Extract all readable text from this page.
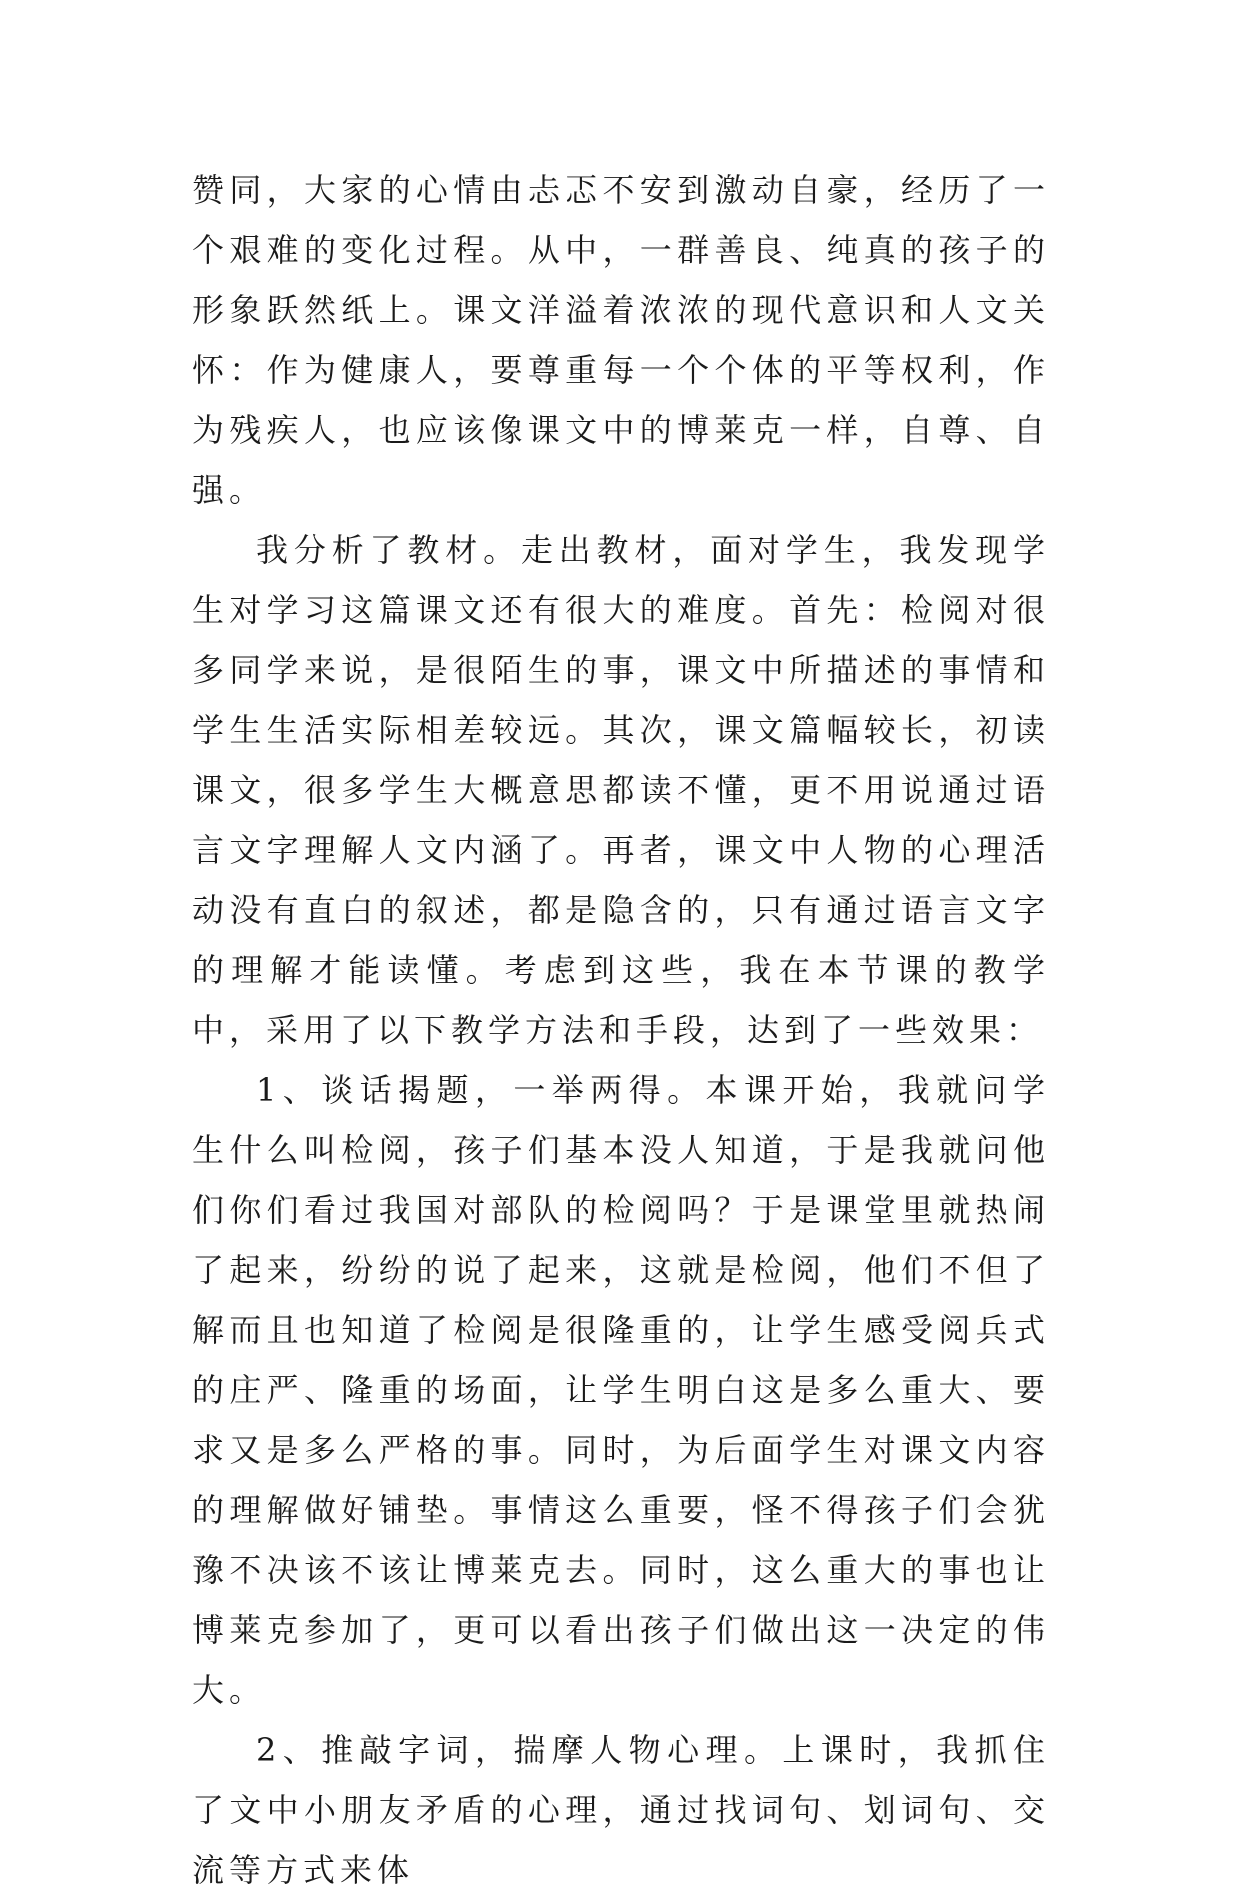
赞同，大家的心情由忐忑不安到激动自豪，经历了一个艰难的变化过程。从中，一群善良、纯真的孩子的形象跃然纸上。课文洋溢着浓浓的现代意识和人文关怀：作为健康人，要尊重每一个个体的平等权利，作为残疾人，也应该像课文中的博莱克一样，自尊、自强。

我分析了教材。走出教材，面对学生，我发现学生对学习这篇课文还有很大的难度。首先：检阅对很多同学来说，是很陌生的事，课文中所描述的事情和学生生活实际相差较远。其次，课文篇幅较长，初读课文，很多学生大概意思都读不懂，更不用说通过语言文字理解人文内涵了。再者，课文中人物的心理活动没有直白的叙述，都是隐含的，只有通过语言文字的理解才能读懂。考虑到这些，我在本节课的教学中，采用了以下教学方法和手段，达到了一些效果：

1、谈话揭题，一举两得。本课开始，我就问学生什么叫检阅，孩子们基本没人知道，于是我就问他们你们看过我国对部队的检阅吗？于是课堂里就热闹了起来，纷纷的说了起来，这就是检阅，他们不但了解而且也知道了检阅是很隆重的，让学生感受阅兵式的庄严、隆重的场面，让学生明白这是多么重大、要求又是多么严格的事。同时，为后面学生对课文内容的理解做好铺垫。事情这么重要，怪不得孩子们会犹豫不决该不该让博莱克去。同时，这么重大的事也让博莱克参加了，更可以看出孩子们做出这一决定的伟大。

2、推敲字词，揣摩人物心理。上课时，我抓住了文中小朋友矛盾的心理，通过找词句、划词句、交流等方式来体
